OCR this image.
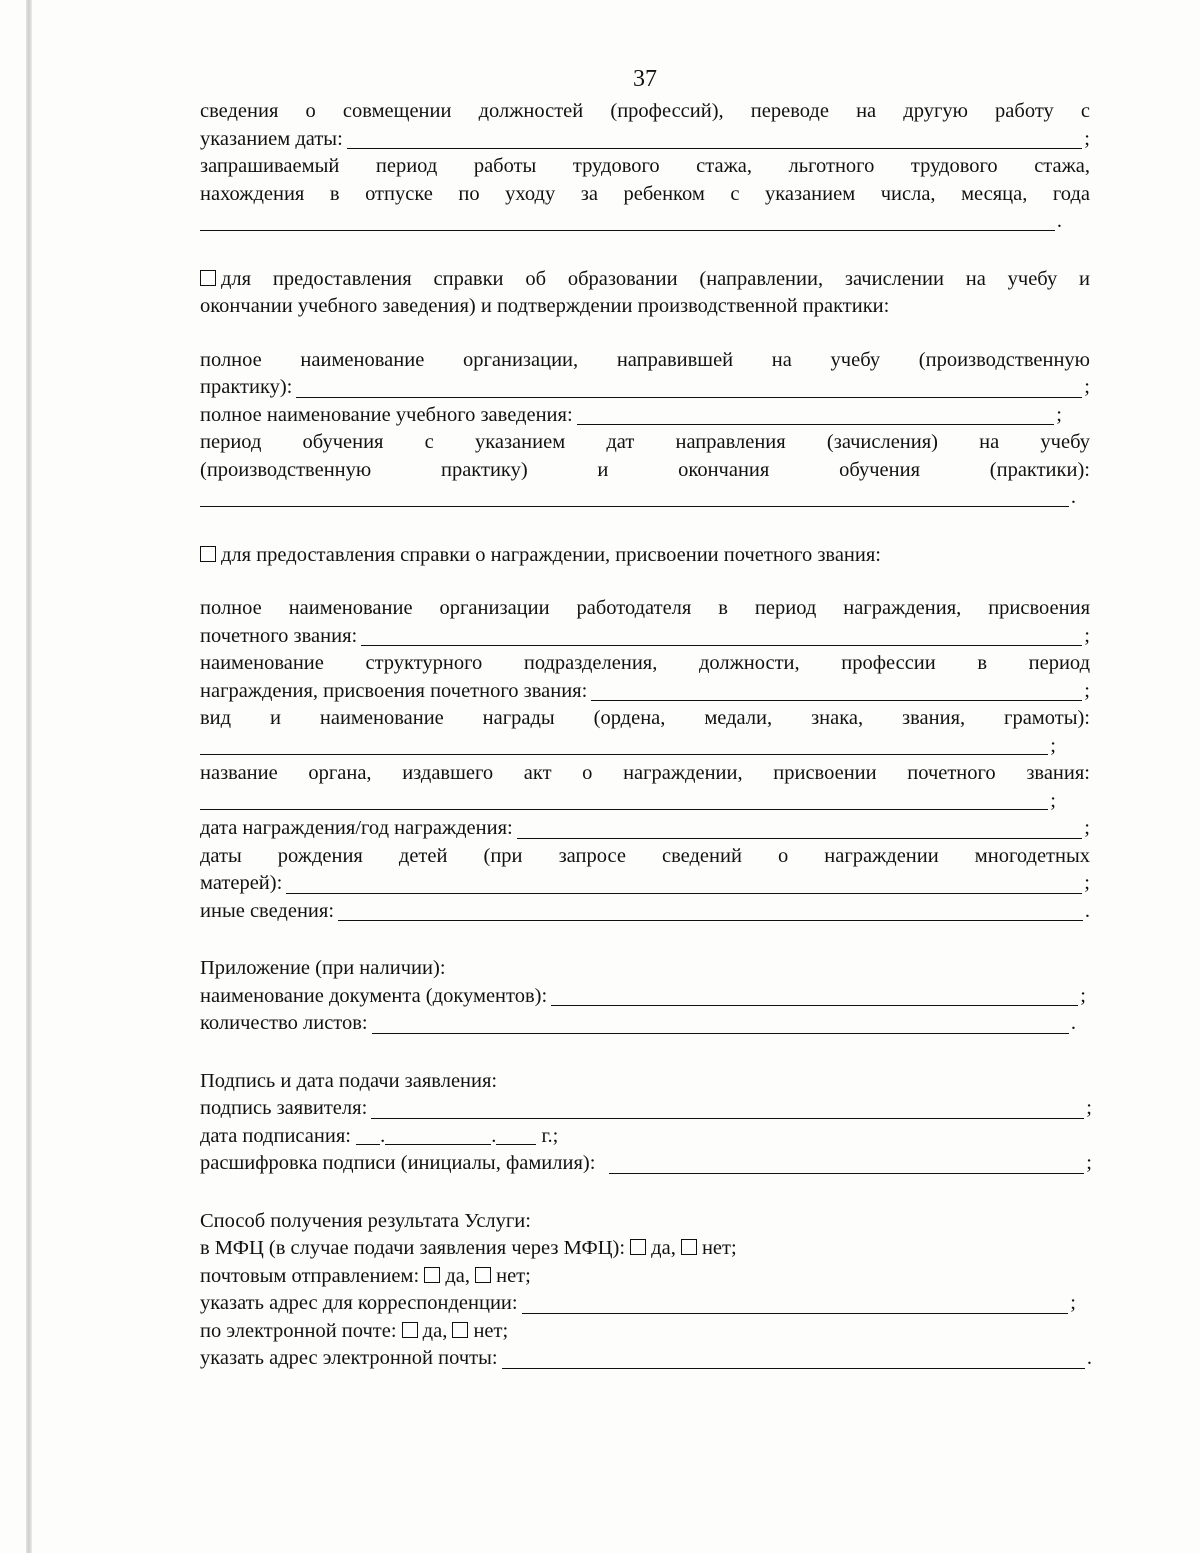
37
сведения о совмещении должностей (профессий), переводе на другую работу с
указанием даты:	;
запрашиваемый период работы трудового стажа, льготного трудового стажа,
нахождения в отпуске по уходу за ребенком с указанием числа, месяца, года
.
для предоставления справки об образовании (направлении, зачислении на учебу и
окончании учебного заведения) и подтверждении производственной практики:
полное наименование организации, направившей на учебу (производственную
практику):	;
полное наименование учебного заведения:	;
период обучения с указанием дат направления (зачисления) на учебу
(производственную практику) и окончания обучения (практики):
.
для предоставления справки о награждении, присвоении почетного звания:
полное наименование организации работодателя в период награждения, присвоения
почетного звания:	;
наименование структурного подразделения, должности, профессии в период
награждения, присвоения почетного звания:	;
вид и наименование награды (ордена, медали, знака, звания, грамоты):
;
название органа, издавшего акт о награждении, присвоении почетного звания:
;
дата награждения/год награждения:	;
даты рождения детей (при запросе сведений о награждении многодетных
матерей):	;
иные сведения:	.
Приложение (при наличии):
наименование документа (документов):	;
количество листов:	.
Подпись и дата подачи заявления:
подпись заявителя:	;
дата подписания: .	. г.;
расшифровка подписи (инициалы, фамилия):	;
Способ получения результата Услуги:
в МФЦ (в случае подачи заявления через МФЦ): да, нет;
почтовым отправлением: да, нет;
указать адрес для корреспонденции:	;
по электронной почте: да, нет;
указать адрес электронной почты:	.
